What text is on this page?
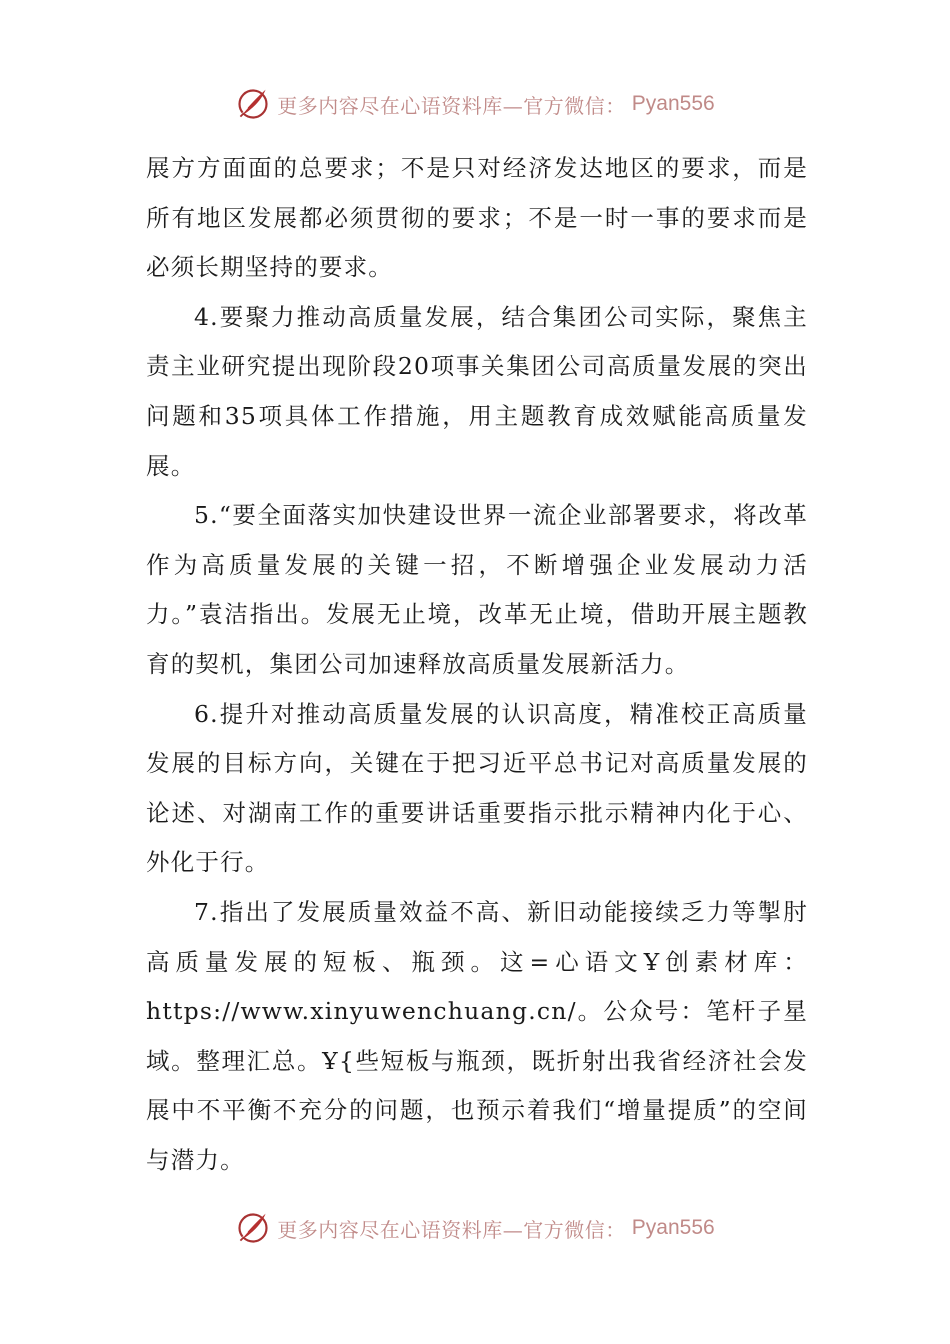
更多内容尽在心语资料库—官方微信： Pyan556

展方方面面的总要求；不是只对经济发达地区的要求，而是所有地区发展都必须贯彻的要求；不是一时一事的要求而是必须长期坚持的要求。

4.要聚力推动高质量发展，结合集团公司实际，聚焦主责主业研究提出现阶段20项事关集团公司高质量发展的突出问题和35项具体工作措施，用主题教育成效赋能高质量发展。

5.“要全面落实加快建设世界一流企业部署要求，将改革作为高质量发展的关键一招，不断增强企业发展动力活力。”袁洁指出。发展无止境，改革无止境，借助开展主题教育的契机，集团公司加速释放高质量发展新活力。

6.提升对推动高质量发展的认识高度，精准校正高质量发展的目标方向，关键在于把习近平总书记对高质量发展的论述、对湖南工作的重要讲话重要指示批示精神内化于心、外化于行。

7.指出了发展质量效益不高、新旧动能接续乏力等掣肘高质量发展的短板、瓶颈。这=心语文Ұ创素材库：https://www.xinyuwenchuang.cn/。公众号：笔杆子星域。整理汇总。Ұ{些短板与瓶颈，既折射出我省经济社会发展中不平衡不充分的问题，也预示着我们“增量提质”的空间与潜力。

更多内容尽在心语资料库—官方微信： Pyan556
